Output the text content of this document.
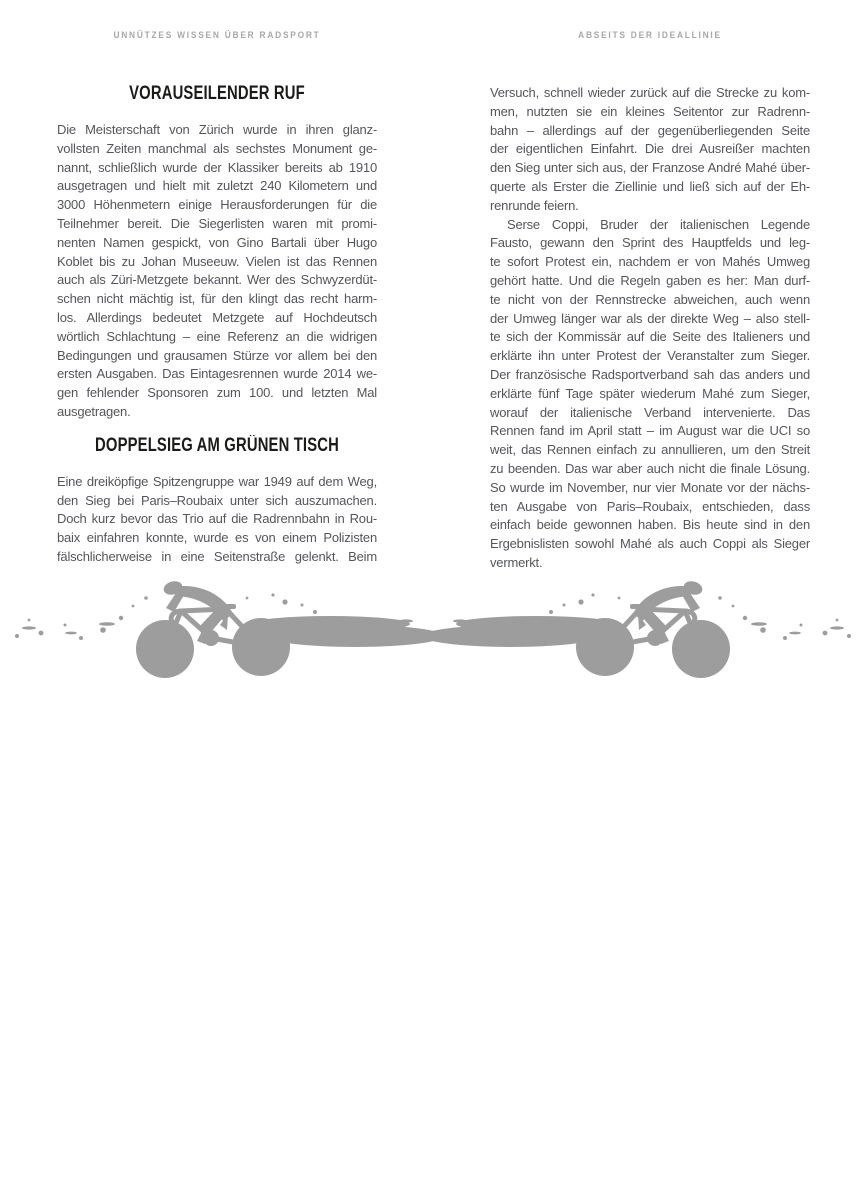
UNNÜTZES WISSEN ÜBER RADSPORT
VORAUSEILENDER RUF
Die Meisterschaft von Zürich wurde in ihren glanz-
vollsten Zeiten manchmal als sechstes Monument ge-
nannt, schließlich wurde der Klassiker bereits ab 1910
ausgetragen und hielt mit zuletzt 240 Kilometern und
3000 Höhenmetern einige Herausforderungen für die
Teilnehmer bereit. Die Siegerlisten waren mit promi-
nenten Namen gespickt, von Gino Bartali über Hugo
Koblet bis zu Johan Museeuw. Vielen ist das Rennen
auch als Züri-Metzgete bekannt. Wer des Schwyzerdüt-
schen nicht mächtig ist, für den klingt das recht harm-
los. Allerdings bedeutet Metzgete auf Hochdeutsch
wörtlich Schlachtung – eine Referenz an die widrigen
Bedingungen und grausamen Stürze vor allem bei den
ersten Ausgaben. Das Eintagesrennen wurde 2014 we-
gen fehlender Sponsoren zum 100. und letzten Mal
ausgetragen.
DOPPELSIEG AM GRÜNEN TISCH
Eine dreiköpfige Spitzengruppe war 1949 auf dem Weg,
den Sieg bei Paris–Roubaix unter sich auszumachen.
Doch kurz bevor das Trio auf die Radrennbahn in Rou-
baix einfahren konnte, wurde es von einem Polizisten
fälschlicherweise in eine Seitenstraße gelenkt. Beim
104
ABSEITS DER IDEALLINIE
Versuch, schnell wieder zurück auf die Strecke zu kom-
men, nutzten sie ein kleines Seitentor zur Radrenn-
bahn – allerdings auf der gegenüberliegenden Seite
der eigentlichen Einfahrt. Die drei Ausreißer machten
den Sieg unter sich aus, der Franzose André Mahé über-
querte als Erster die Ziellinie und ließ sich auf der Eh-
renrunde feiern.
Serse Coppi, Bruder der italienischen Legende
Fausto, gewann den Sprint des Hauptfelds und leg-
te sofort Protest ein, nachdem er von Mahés Umweg
gehört hatte. Und die Regeln gaben es her: Man durf-
te nicht von der Rennstrecke abweichen, auch wenn
der Umweg länger war als der direkte Weg – also stell-
te sich der Kommissär auf die Seite des Italieners und
erklärte ihn unter Protest der Veranstalter zum Sieger.
Der französische Radsportverband sah das anders und
erklärte fünf Tage später wiederum Mahé zum Sieger,
worauf der italienische Verband intervenierte. Das
Rennen fand im April statt – im August war die UCI so
weit, das Rennen einfach zu annullieren, um den Streit
zu beenden. Das war aber auch nicht die finale Lösung.
So wurde im November, nur vier Monate vor der nächs-
ten Ausgabe von Paris–Roubaix, entschieden, dass
einfach beide gewonnen haben. Bis heute sind in den
Ergebnislisten sowohl Mahé als auch Coppi als Sieger
vermerkt.
105
